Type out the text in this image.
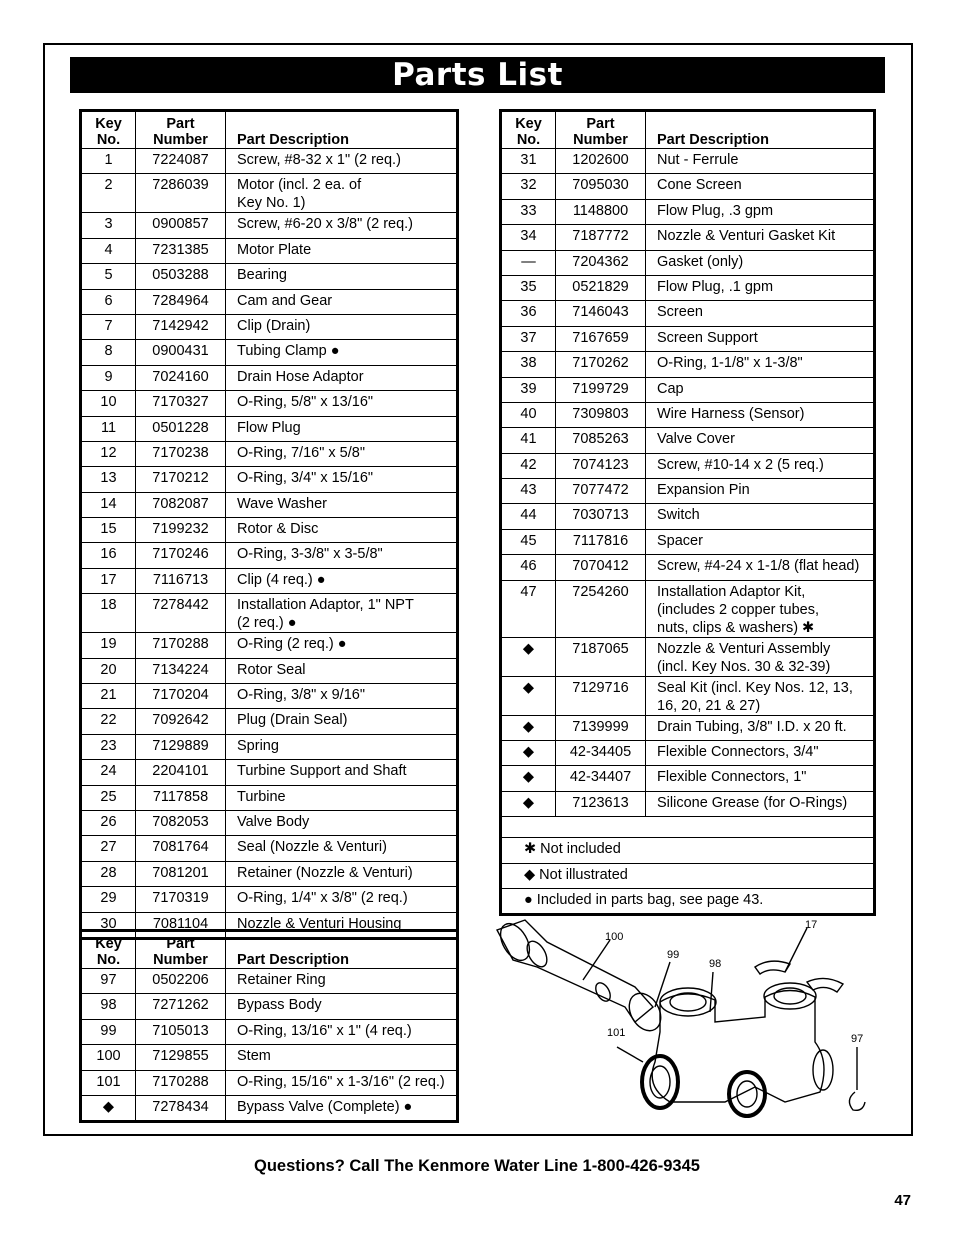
Parts List
Key
No.	Part
Number	Part Description
1	7224087	Screw, #8-32 x 1" (2 req.)
2	7286039	Motor (incl. 2 ea. of
Key No. 1)
3	0900857	Screw, #6-20 x 3/8" (2 req.)
4	7231385	Motor Plate
5	0503288	Bearing
6	7284964	Cam and Gear
7	7142942	Clip (Drain)
8	0900431	Tubing Clamp ●
9	7024160	Drain Hose Adaptor
10	7170327	O-Ring, 5/8" x 13/16"
11	0501228	Flow Plug
12	7170238	O-Ring, 7/16" x 5/8"
13	7170212	O-Ring, 3/4" x 15/16"
14	7082087	Wave Washer
15	7199232	Rotor & Disc
16	7170246	O-Ring, 3-3/8" x 3-5/8"
17	7116713	Clip (4 req.) ●
18	7278442	Installation Adaptor, 1" NPT
(2 req.) ●
19	7170288	O-Ring (2 req.) ●
20	7134224	Rotor Seal
21	7170204	O-Ring, 3/8" x 9/16"
22	7092642	Plug (Drain Seal)
23	7129889	Spring
24	2204101	Turbine Support and Shaft
25	7117858	Turbine
26	7082053	Valve Body
27	7081764	Seal (Nozzle & Venturi)
28	7081201	Retainer (Nozzle & Venturi)
29	7170319	O-Ring, 1/4" x 3/8" (2 req.)
30	7081104	Nozzle & Venturi Housing
Key
No.	Part
Number	Part Description
31	1202600	Nut - Ferrule
32	7095030	Cone Screen
33	1148800	Flow Plug, .3 gpm
34	7187772	Nozzle & Venturi Gasket Kit
—	7204362	Gasket (only)
35	0521829	Flow Plug, .1 gpm
36	7146043	Screen
37	7167659	Screen Support
38	7170262	O-Ring, 1-1/8" x 1-3/8"
39	7199729	Cap
40	7309803	Wire Harness (Sensor)
41	7085263	Valve Cover
42	7074123	Screw, #10-14 x 2 (5 req.)
43	7077472	Expansion Pin
44	7030713	Switch
45	7117816	Spacer
46	7070412	Screw, #4-24 x 1-1/8 (flat head)
47	7254260	Installation Adaptor Kit,
(includes 2 copper tubes,
nuts, clips & washers) ✱
◆	7187065	Nozzle & Venturi Assembly
(incl. Key Nos. 30 & 32-39)
◆	7129716	Seal Kit (incl. Key Nos. 12, 13,
16, 20, 21 & 27)
◆	7139999	Drain Tubing, 3/8" I.D. x 20 ft.
◆	42-34405	Flexible Connectors, 3/4"
◆	42-34407	Flexible Connectors, 1"
◆	7123613	Silicone Grease (for O-Rings)

✱ Not included		
◆ Not illustrated		
● Included in parts bag, see page 43.		
Key
No.	Part
Number	Part Description
97	0502206	Retainer Ring
98	7271262	Bypass Body
99	7105013	O-Ring, 13/16" x 1" (4 req.)
100	7129855	Stem
101	7170288	O-Ring, 15/16" x 1-3/16" (2 req.)
◆	7278434	Bypass Valve (Complete) ●
100
99
98
17
101	97
Questions? Call The Kenmore Water Line 1-800-426-9345
47
